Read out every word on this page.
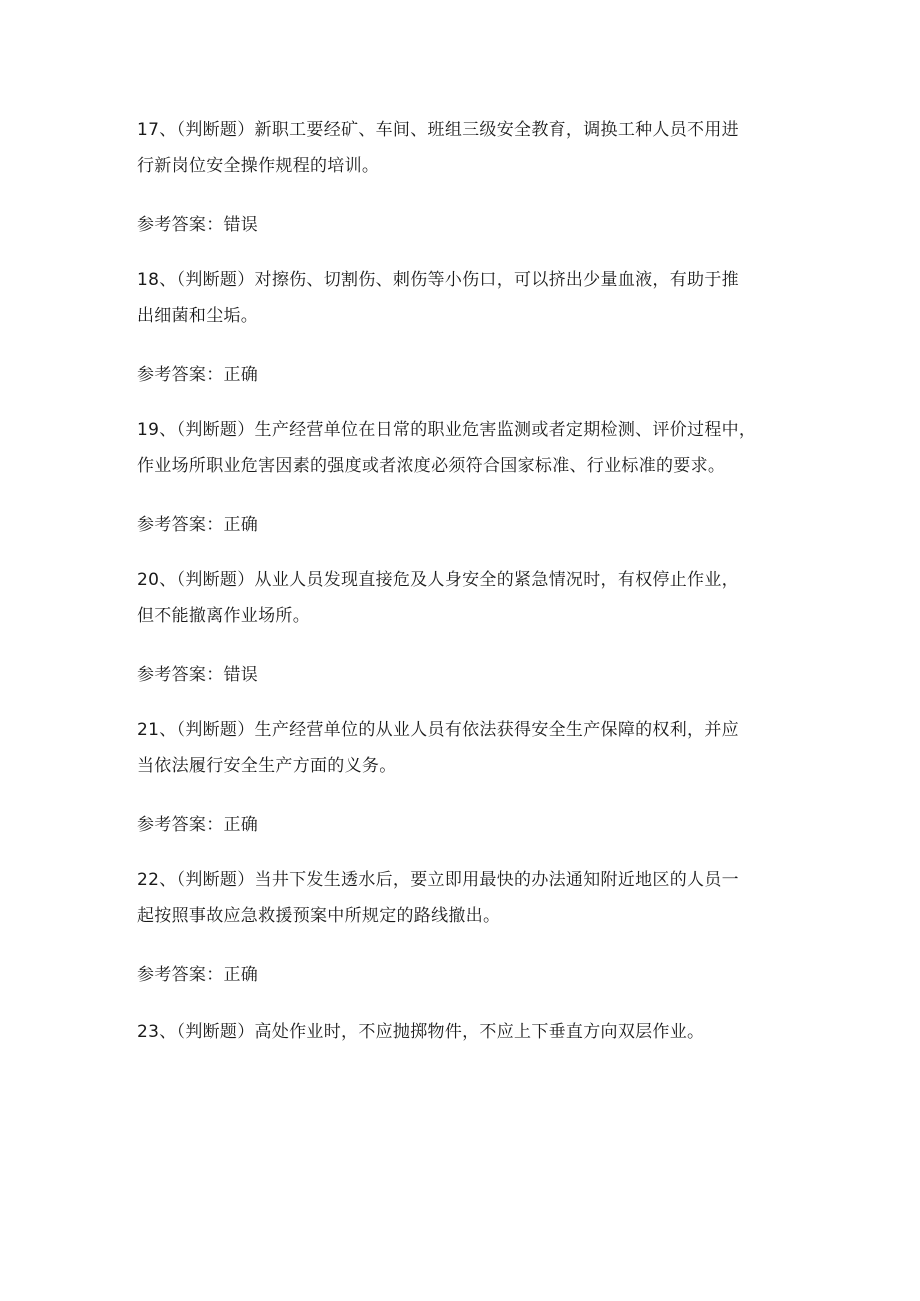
17、（判断题）新职工要经矿、车间、班组三级安全教育，调换工种人员不用进
行新岗位安全操作规程的培训。
参考答案：错误
18、（判断题）对擦伤、切割伤、刺伤等小伤口，可以挤出少量血液，有助于推
出细菌和尘垢。
参考答案：正确
19、（判断题）生产经营单位在日常的职业危害监测或者定期检测、评价过程中，
作业场所职业危害因素的强度或者浓度必须符合国家标准、行业标准的要求。
参考答案：正确
20、（判断题）从业人员发现直接危及人身安全的紧急情况时，有权停止作业，
但不能撤离作业场所。
参考答案：错误
21、（判断题）生产经营单位的从业人员有依法获得安全生产保障的权利，并应
当依法履行安全生产方面的义务。
参考答案：正确
22、（判断题）当井下发生透水后，要立即用最快的办法通知附近地区的人员一
起按照事故应急救援预案中所规定的路线撤出。
参考答案：正确
23、（判断题）高处作业时，不应抛掷物件，不应上下垂直方向双层作业。
